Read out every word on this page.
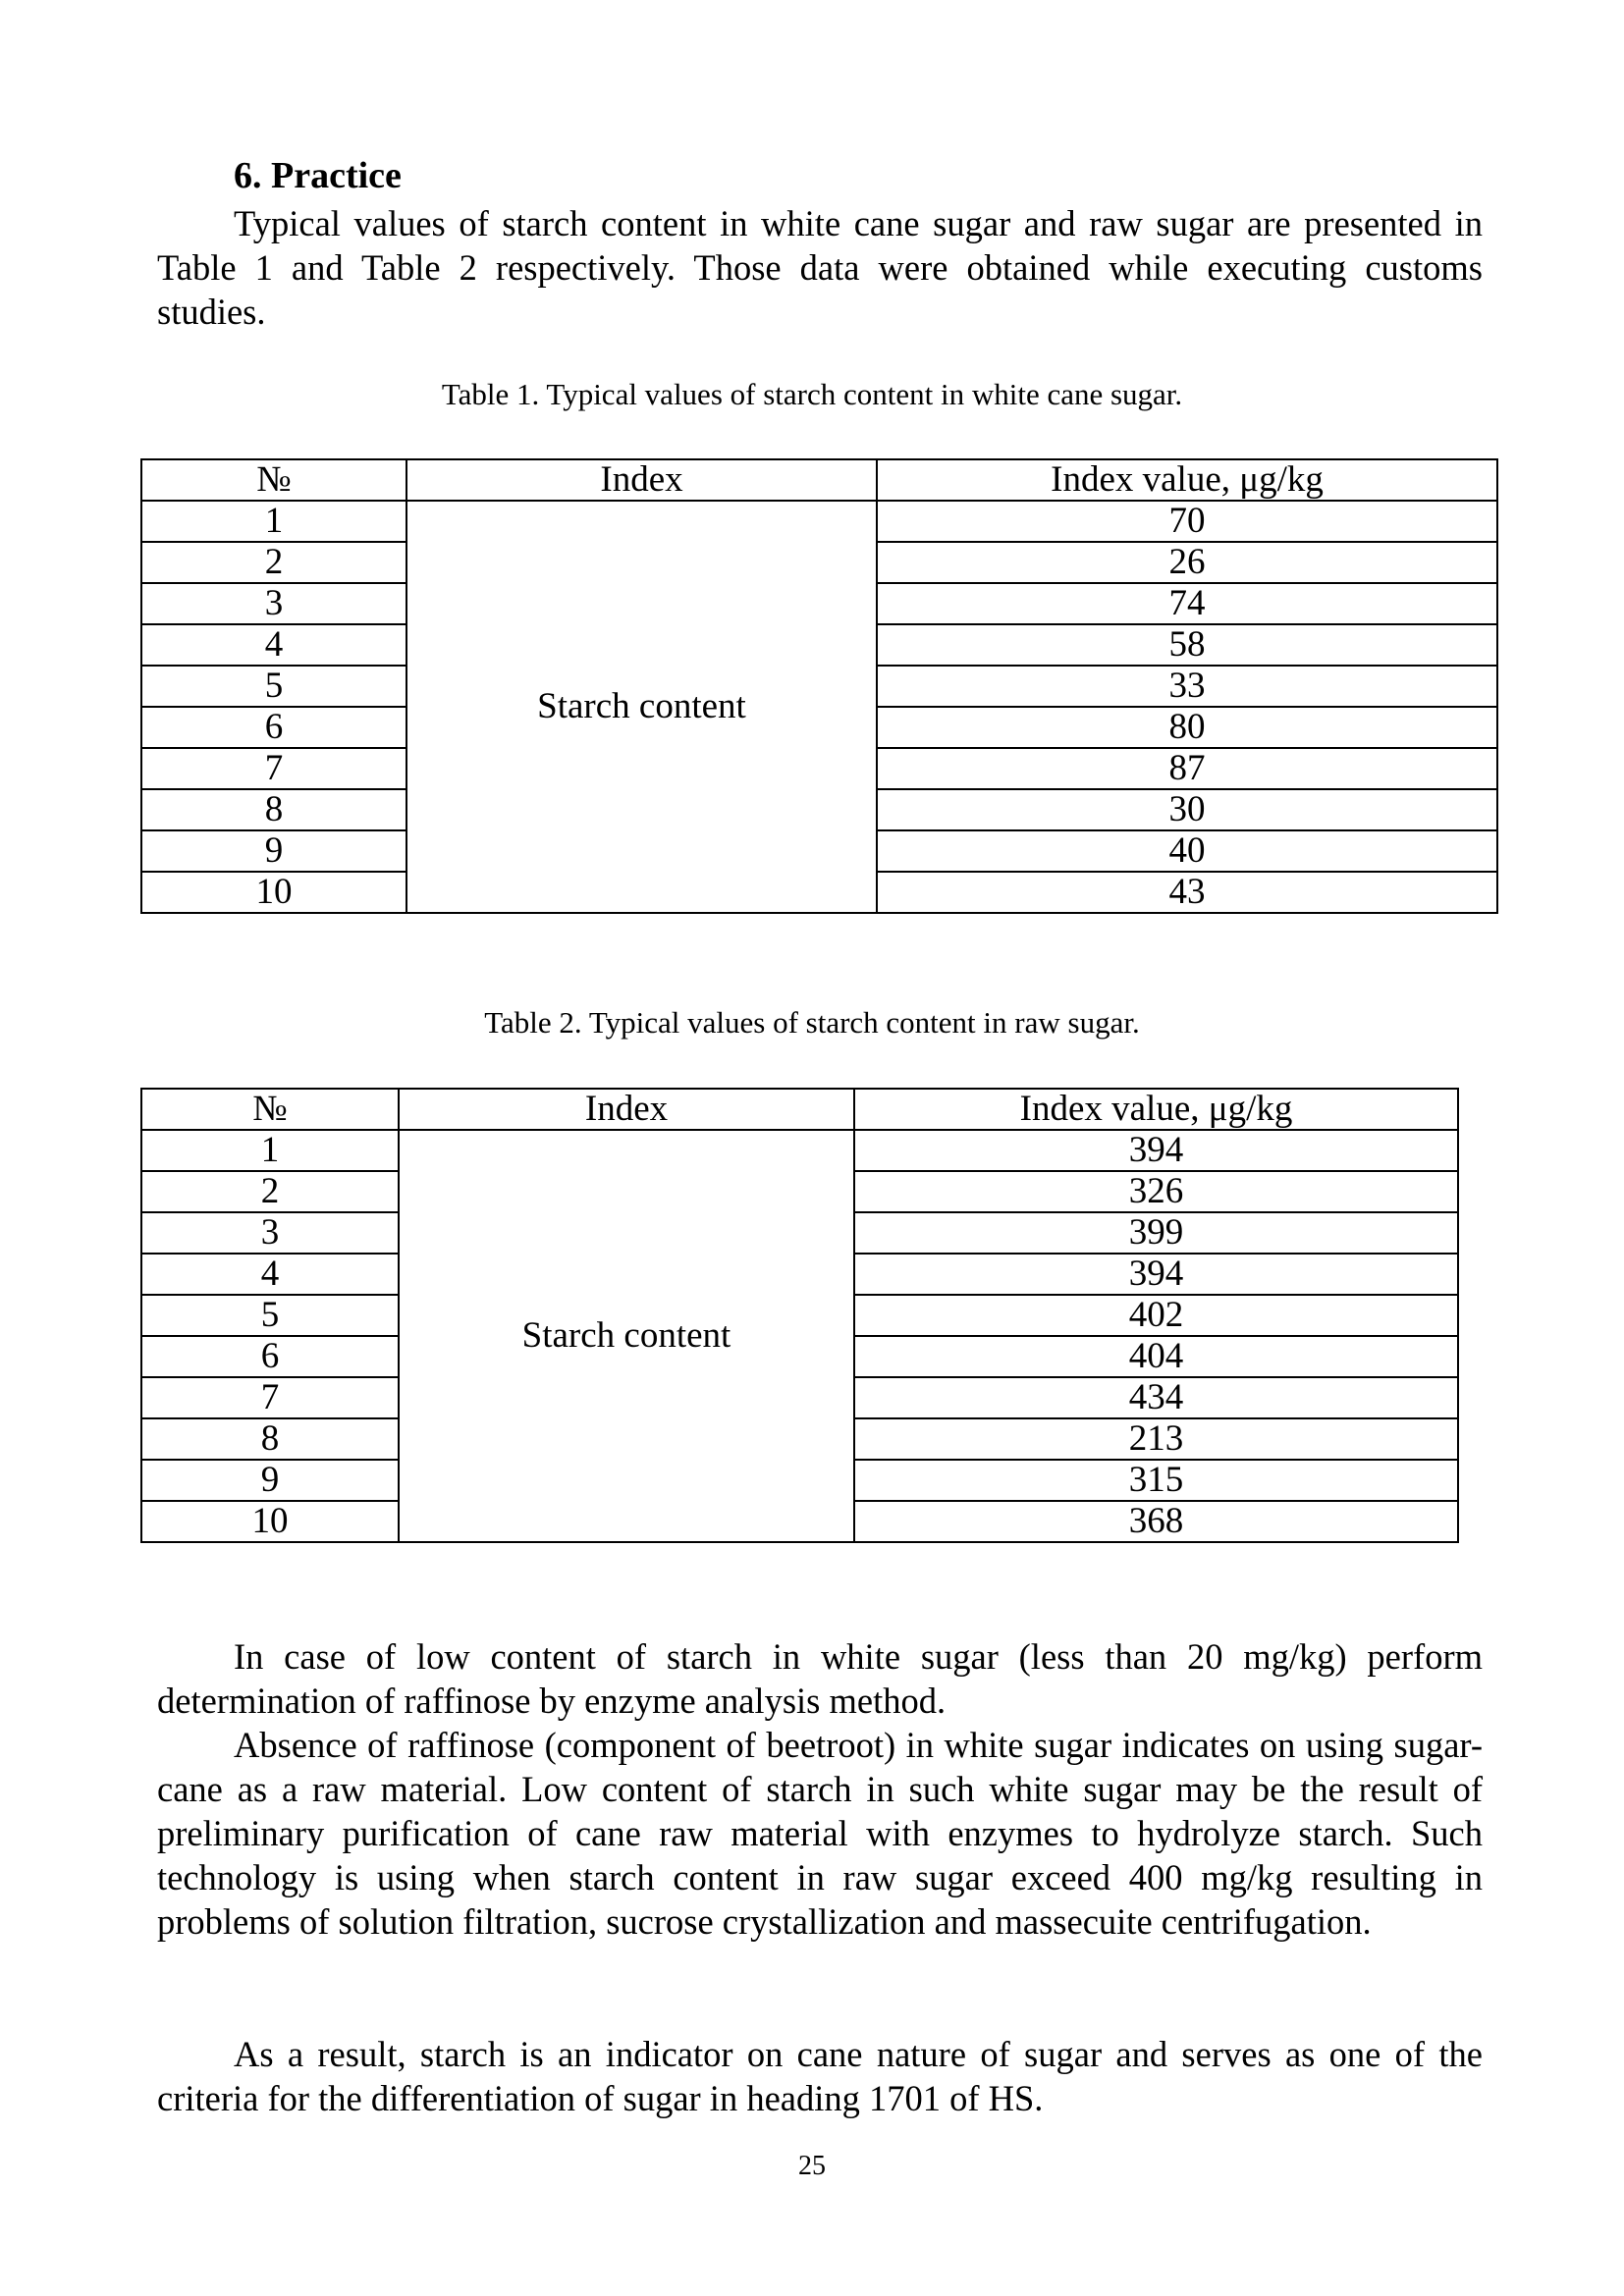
6. Practice

Typical values of starch content in white cane sugar and raw sugar are presented in Table 1 and Table 2 respectively. Those data were obtained while executing customs studies.

Table 1. Typical values of starch content in white cane sugar.

№	Index	Index value, μg/kg
1	Starch content	70
2		26
3		74
4		58
5		33
6		80
7		87
8		30
9		40
10		43

Table 2. Typical values of starch content in raw sugar.

№	Index	Index value, μg/kg
1	Starch content	394
2		326
3		399
4		394
5		402
6		404
7		434
8		213
9		315
10		368

In case of low content of starch in white sugar (less than 20 mg/kg) perform determination of raffinose by enzyme analysis method.

Absence of raffinose (component of beetroot) in white sugar indicates on using sugar-cane as a raw material. Low content of starch in such white sugar may be the result of preliminary purification of cane raw material with enzymes to hydrolyze starch. Such technology is using when starch content in raw sugar exceed 400 mg/kg resulting in problems of solution filtration, sucrose crystallization and massecuite centrifugation.

As a result, starch is an indicator on cane nature of sugar and serves as one of the criteria for the differentiation of sugar in heading 1701 of HS.

25
